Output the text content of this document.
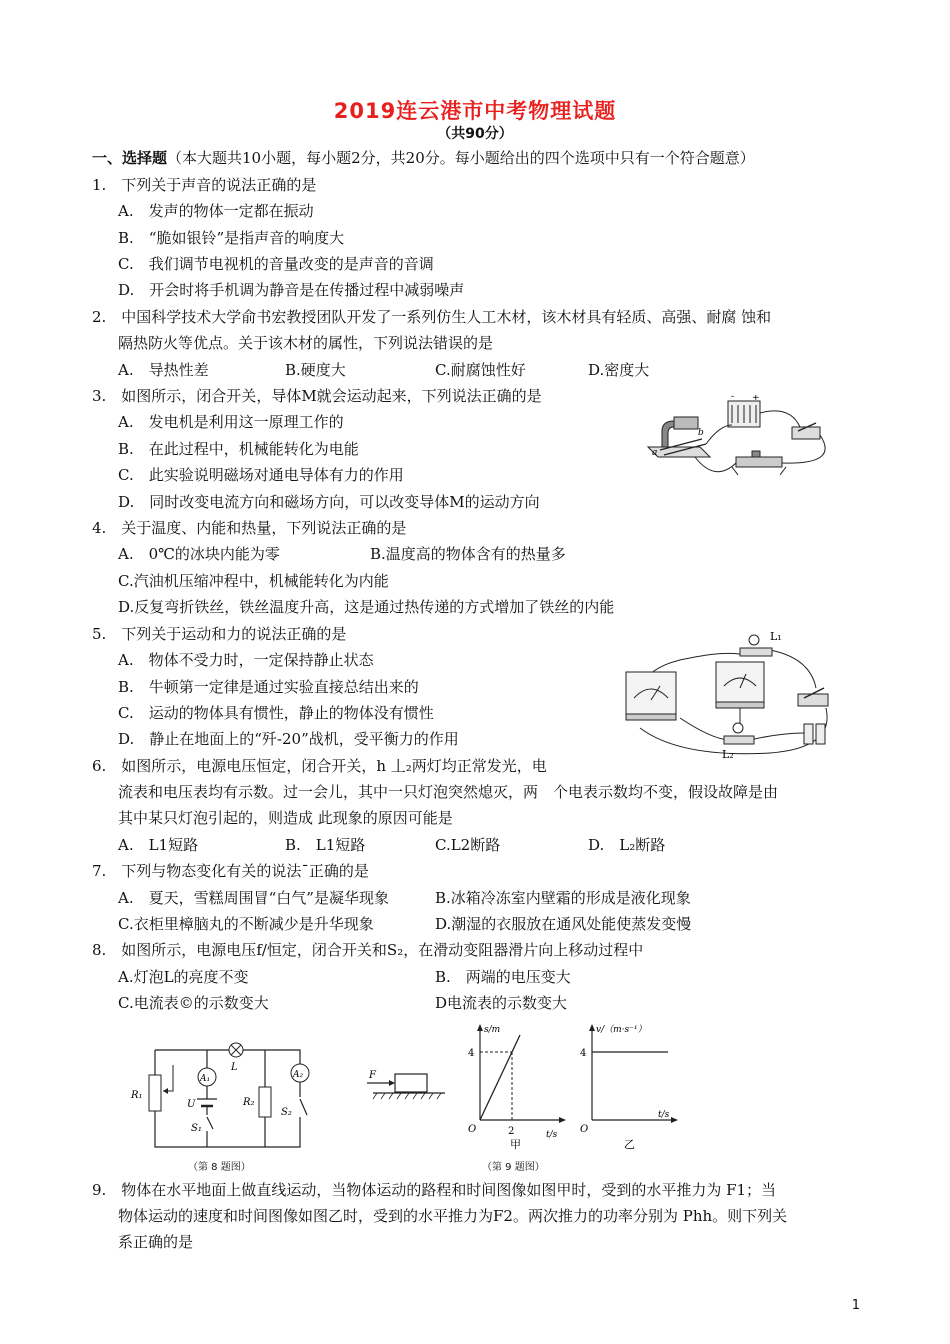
2019连云港市中考物理试题
（共90分）
一、选择题（本大题共10小题，每小题2分，共20分。每小题给出的四个选项中只有一个符合题意）
1.　下列关于声音的说法正确的是
A.　发声的物体一定都在振动
B.　“脆如银铃”是指声音的响度大
C.　我们调节电视机的音量改变的是声音的音调
D.　开会时将手机调为静音是在传播过程中减弱噪声
2.　中国科学技术大学俞书宏教授团队开发了一系列仿生人工木材，该木材具有轻质、高强、耐腐 蚀和
隔热防火等优点。关于该木材的属性，下列说法错误的是
A.　导热性差	B.硬度大	C.耐腐蚀性好	D.密度大
3.　如图所示，闭合开关，导体M就会运动起来，下列说法正确的是
A.　发电机是利用这一原理工作的
B.　在此过程中，机械能转化为电能
C.　此实验说明磁场对通电导体有力的作用
D.　同时改变电流方向和磁场方向，可以改变导体M的运动方向
a
b
- +
4.　关于温度、内能和热量，下列说法正确的是
A.　0℃的冰块内能为零	B.温度高的物体含有的热量多
C.汽油机压缩冲程中，机械能转化为内能
D.反复弯折铁丝，铁丝温度升高，这是通过热传递的方式增加了铁丝的内能
5.　下列关于运动和力的说法正确的是
A.　物体不受力时，一定保持静止状态
B.　牛顿第一定律是通过实验直接总结出来的
C.　运动的物体具有惯性，静止的物体没有惯性
D.　静止在地面上的“歼-20”战机，受平衡力的作用
L₁
L₂
6.　如图所示，电源电压恒定，闭合开关，h 丄₂两灯均正常发光，电
流表和电压表均有示数。过一会儿，其中一只灯泡突然熄灭，两　个电表示数均不变，假设故障是由
其中某只灯泡引起的，则造成 此现象的原因可能是
A.　L1短路	B.　L1短路	C.L2断路	D.　L₂断路
7.　下列与物态变化有关的说法ˉ正确的是
A.　夏天，雪糕周围冒“白气”是凝华现象	B.冰箱冷冻室内壁霜的形成是液化现象
C.衣柜里樟脑丸的不断减少是升华现象	D.潮湿的衣服放在通风处能使蒸发变慢
8.　如图所示，电源电压f/恒定，闭合开关和S₂，在滑动变阻器滑片向上移动过程中
A.灯泡L的亮度不变	B.　两端的电压变大
C.电流表©的示数变大	D电流表的示数变大
L
R₁
A₁
U
S₁
R₂
A₂
S₂
（第 8 题图）
F
s/m
t/s
O
4
2
甲
v/（m·s⁻¹）
t/s
O
4
乙
（第 9 题图）
9.　物体在水平地面上做直线运动，当物体运动的路程和时间图像如图甲时，受到的水平推力为 F1；当
物体运动的速度和时间图像如图乙时，受到的水平推力为F2。两次推力的功率分别为 Phh。则下列关
系正确的是
1
